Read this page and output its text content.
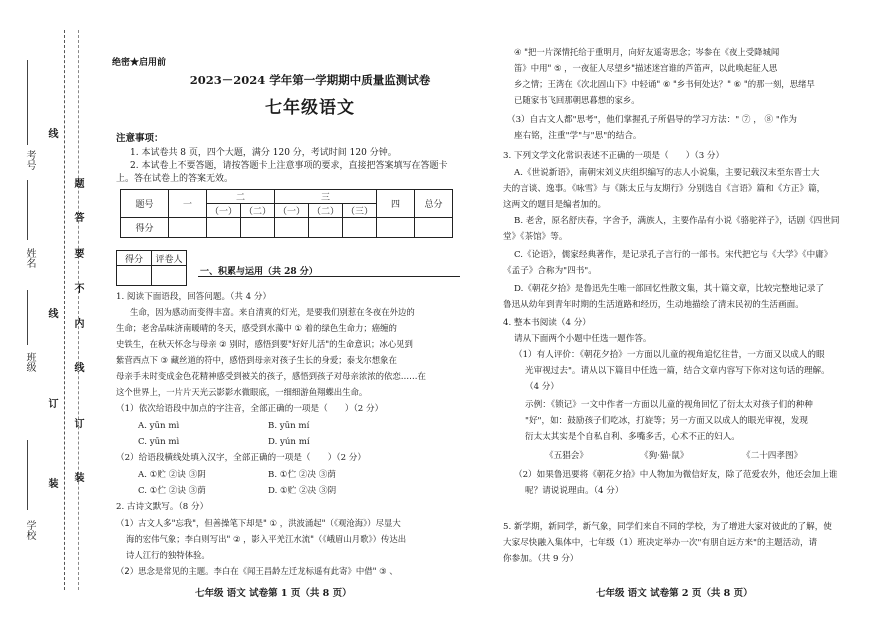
学校
班级
姓名
考号
装
订
线
装
订
线
内
不
要
答
题
线
绝密★启用前
2023－2024 学年第一学期期中质量监测试卷
七年级语文
注意事项：
1. 本试卷共 8 页，四个大题，满分 120 分，考试时间 120 分钟。
2. 本试卷上不要答题，请按答题卡上注意事项的要求，直接把答案填写在答题卡
上。答在试卷上的答案无效。
题号	一	二		三			四	总分
		（一）	（二）	（一）	（二）	（三）		
得分								
得分	评卷人

一、积累与运用（共 28 分）
1. 阅读下面语段，回答问题。（共 4 分）
生命，因为感动而变得丰富。来自清爽的灯光，是要我们别惹在冬夜在外边的
生命；老舍品味济南暖晴的冬天，感受到水藻中 ① 着的绿色生命力；癌缠的
史铁生，在秋天怀念与母亲 ② 别时，感悟到要"好好儿活"的生命意识；冰心见到
紫营西点下 ③ 藏丝道的符中，感悟到母亲对孩子生长的身爱；泰戈尔想象在
母亲手未时变成金色花精神感受到被关的孩子，感悟到孩子对母亲浓浓的依恋……在
这个世界上，一片片天光云影影水微眼底，一细细游鱼翔蝶出生命。
（1）依次给语段中加点的字注音，全部正确的一项是（　　）（2 分）
A. yūn mì	B. yūn mí
C. yūn mì	D. yún mí
（2）给语段横线处填入汉字，全部正确的一项是（　　）（2 分）
A. ①贮 ②诀 ③阴	B. ①伫 ②决 ③荫
C. ①伫 ②诀 ③荫	D. ①贮 ②决 ③阴
2. 古诗文默写。（8 分）
（1）古文人多"忘我"，但善操笔下却是" ① ，洪波涌起"（《观沧海》）尽显大
海的宏伟气象；李白则写出" ② ，影入平羌江水流"（《峨眉山月歌》）传达出
诗人江行的独特体验。
（2）思念是常见的主题。李白在《闻王昌龄左迁龙标遥有此寄》中借" ③ 、
七年级 语文 试卷第 1 页（共 8 页）
④ "把一片深情托给于重明月，向好友遥寄思念；岑参在《夜上受降城闻
笛》中用" ⑤ ，一夜征人尽望乡"描述迷宫谁的芦笛声，以此唤起征人思
乡之情；王湾在《次北固山下》中轻诵" ⑥ "乡书何处达？" ⑥ "的那一刻，思绪早
已随家书飞回那朝思暮想的家乡。
（3）自古文人都"思考"，他们掌握孔子所倡导的学习方法：" ⑦ ， ⑧ "作为
座右铭，注重"学"与"思"的结合。
3. 下列文学文化常识表述不正确的一项是（　　）（3 分）
A.《世说新语》，南朝宋刘义庆组织编写的志人小说集，主要记载汉末至东晋士大
夫的言谈、逸事。《咏雪》与《陈太丘与友期行》分别选自《言语》篇和《方正》篇，
这两文的题目是编者加的。
B. 老舍，原名舒庆春，字舍予，满族人，主要作品有小说《骆驼祥子》，话剧《四世同
堂》《茶馆》等。
C.《论语》，儒家经典著作，是记录孔子言行的一部书。宋代把它与《大学》《中庸》
《孟子》合称为"四书"。
D.《朝花夕拾》是鲁迅先生唯一部回忆性散文集，其十篇文章，比较完整地记录了
鲁迅从幼年到青年时期的生活道路和经历，生动地描绘了清末民初的生活画面。
4. 整本书阅读（4 分）
请从下面两个小题中任选一题作答。
（1）有人评价：《朝花夕拾》一方面以儿童的视角追忆往昔，一方面又以成人的眼
光审视过去"。请从以下篇目中任选一篇，结合文章内容写下你对这句话的理解。
（4 分）
示例：《锁记》一文中作者一方面以儿童的视角回忆了衍太太对孩子们的种种
"好"，如：鼓励孩子们吃冰，打旋等；另一方面又以成人的眼光审视，发现
衍太太其实是个自私自利、多嘴多舌，心术不正的妇人。
《五猖会》	《狗·猫·鼠》	《二十四孝图》
（2）如果鲁迅要将《朝花夕拾》中人物加为微信好友，除了范爱农外，他还会加上谁
呢？请说说理由。（4 分）
5. 新学期，新同学，新气象，同学们来自不同的学校，为了增进大家对彼此的了解，使
大家尽快融入集体中，七年级（1）班决定举办一次"有朋自远方来"的主题活动，请
你参加。（共 9 分）
七年级 语文 试卷第 2 页（共 8 页）
